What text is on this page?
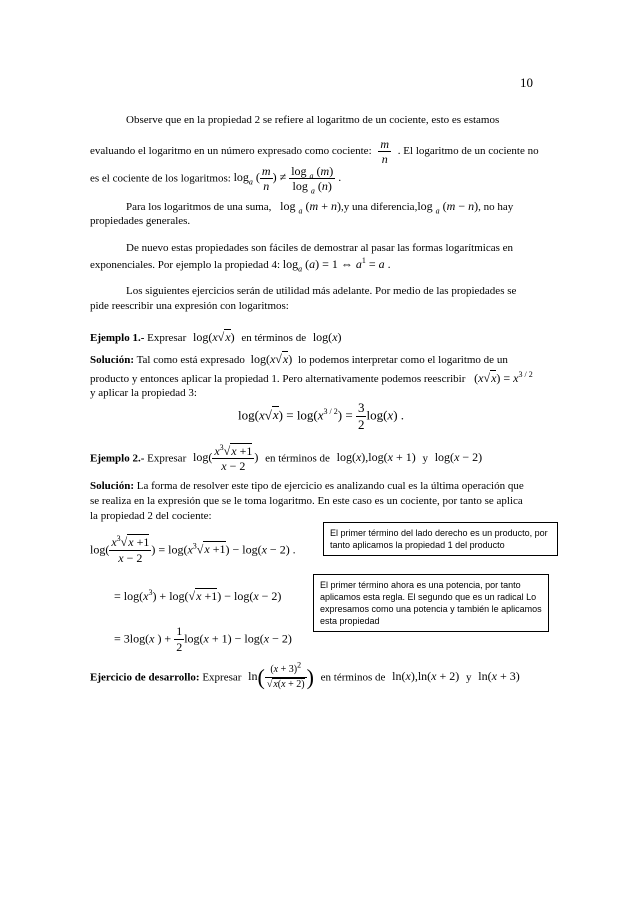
10
Observe que en la propiedad 2 se refiere al logaritmo de un cociente, esto es estamos
evaluando el logaritmo en un número expresado como cociente: $\frac{m}{n}$ . El logaritmo de un cociente no
es el cociente de los logaritmos: $\log_a$ ( $\frac{m}{n}$ ) ≠ $\frac{\log _a (m)}{\log _a (n)}$ .
Para los logaritmos de una suma, log $_a$ (m + n),y una diferencia,log $_a$ (m − n), no hay
propiedades generales.
De nuevo estas propiedades son fáciles de demostrar al pasar las formas logarítmicas en
exponenciales. Por ejemplo la propiedad 4: $\log_a (a) = 1$ ⇔ $a^1 = a$ .
Los siguientes ejercicios serán de utilidad más adelante. Por medio de las propiedades se
pide reescribir una expresión con logaritmos:
Ejemplo 1.- Expresar log(x√x) en términos de log(x)
Solución: Tal como está expresado log(x√x) lo podemos interpretar como el logaritmo de un
producto y entonces aplicar la propiedad 1. Pero alternativamente podemos reescribir $(x√x) = x^{3 / 2}$
y aplicar la propiedad 3:
$\log(x√x) = \log(x^{3 / 2}) = \frac{3}{2} \log(x)$ .
Ejemplo 2.- Expresar $\log( \frac{x^3√x +1}{x - 2}$ ) en términos de log(x),log(x + 1) y log(x − 2)
Solución: La forma de resolver este tipo de ejercicio es analizando cual es la última operación que
se realiza en la expresión que se le toma logaritmo. En este caso es un cociente, por tanto se aplica
la propiedad 2 del cociente:
$\log( \frac{x^3√x +1}{x - 2}$ ) = $\log(x^3√x +1) - \log(x - 2)$ .
El primer término del lado derecho es un producto, por tanto aplicamos la propiedad 1 del producto
= $\log(x^3) + \log(√x +1) - \log(x - 2)$
El primer término ahora es una potencia, por tanto aplicamos esta regla. El segundo que es un radical Lo expresamos como una potencia y también le aplicamos esta propiedad
= 3log(x ) + $\frac{1}{2} \log(x + 1) - \log(x - 2)$
Ejercicio de desarrollo: Expresar $\ln( \frac{(x + 3)^2}{√x(x + 2)}$ ) en términos de ln(x),ln(x + 2) y ln(x + 3)
